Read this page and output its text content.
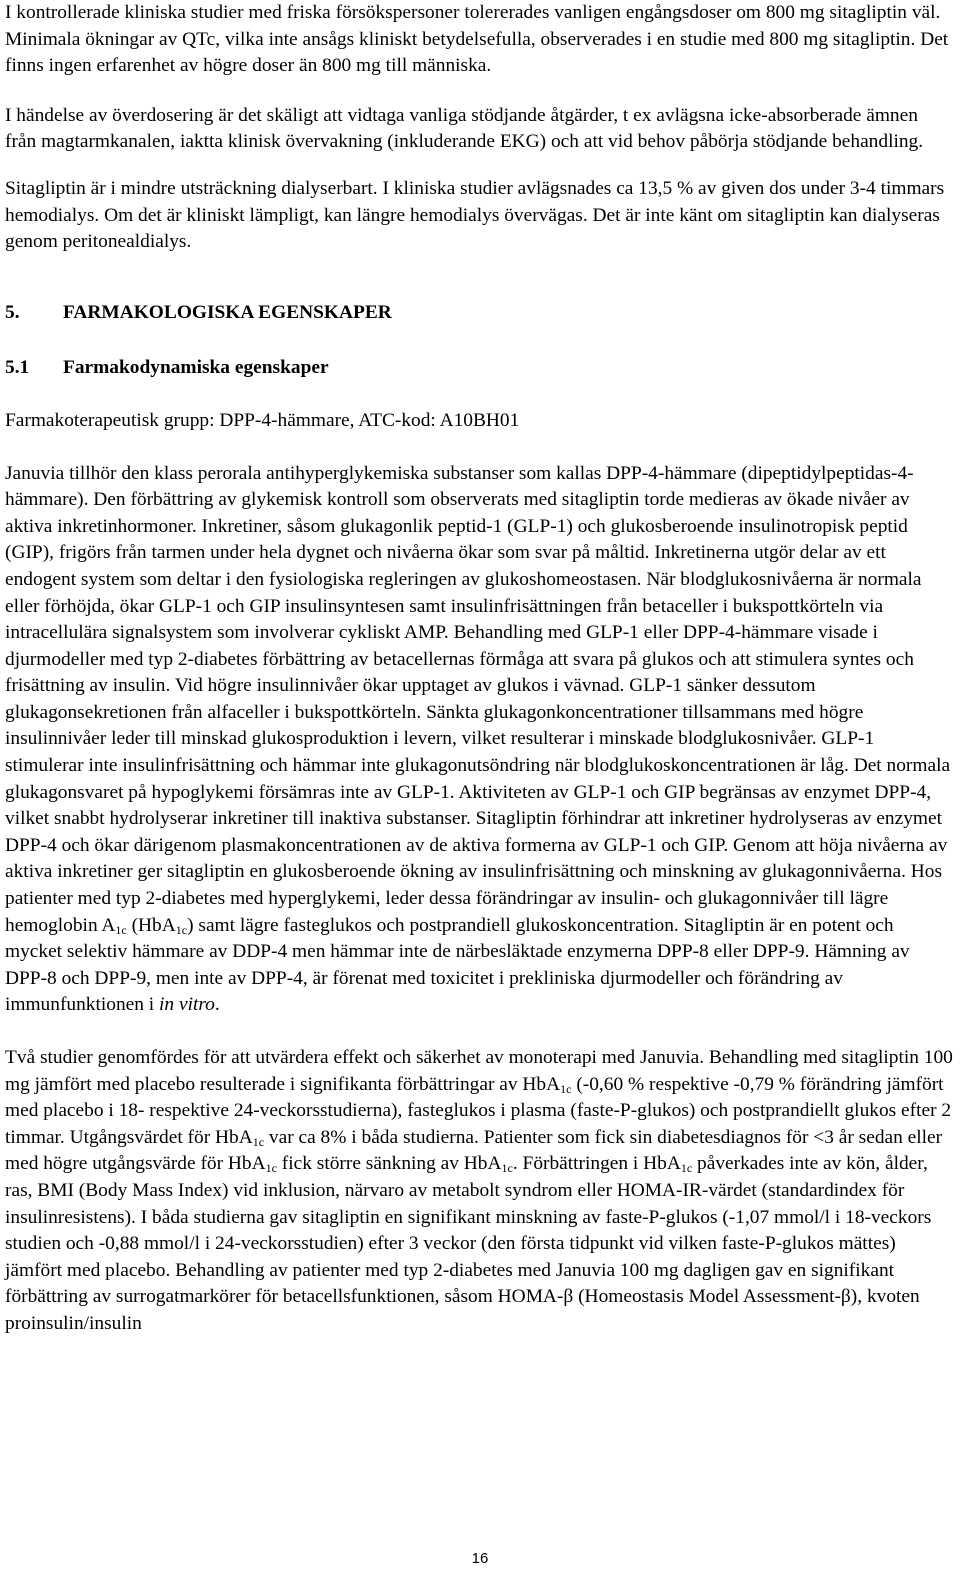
I kontrollerade kliniska studier med friska försökspersoner tolererades vanligen engångsdoser om 800 mg sitagliptin väl. Minimala ökningar av QTc, vilka inte ansågs kliniskt betydelsefulla, observerades i en studie med 800 mg sitagliptin. Det finns ingen erfarenhet av högre doser än 800 mg till människa.

I händelse av överdosering är det skäligt att vidtaga vanliga stödjande åtgärder, t ex avlägsna icke-absorberade ämnen från magtarmkanalen, iaktta klinisk övervakning (inkluderande EKG) och att vid behov påbörja stödjande behandling.

Sitagliptin är i mindre utsträckning dialyserbart. I kliniska studier avlägsnades ca 13,5 % av given dos under 3-4 timmars hemodialys. Om det är kliniskt lämpligt, kan längre hemodialys övervägas. Det är inte känt om sitagliptin kan dialyseras genom peritonealdialys.

5. FARMAKOLOGISKA EGENSKAPER
5.1 Farmakodynamiska egenskaper

Farmakoterapeutisk grupp: DPP-4-hämmare, ATC-kod: A10BH01

Januvia tillhör den klass perorala antihyperglykemiska substanser som kallas DPP-4-hämmare (dipeptidylpeptidas-4-hämmare). Den förbättring av glykemisk kontroll som observerats med sitagliptin torde medieras av ökade nivåer av aktiva inkretinhormoner. Inkretiner, såsom glukagonlik peptid-1 (GLP-1) och glukosberoende insulinotropisk peptid (GIP), frigörs från tarmen under hela dygnet och nivåerna ökar som svar på måltid. Inkretinerna utgör delar av ett endogent system som deltar i den fysiologiska regleringen av glukoshomeostasen. När blodglukosnivåerna är normala eller förhöjda, ökar GLP-1 och GIP insulinsyntesen samt insulinfrisättningen från betaceller i bukspottkörteln via intracellulära signalsystem som involverar cykliskt AMP. Behandling med GLP-1 eller DPP-4-hämmare visade i djurmodeller med typ 2-diabetes förbättring av betacellernas förmåga att svara på glukos och att stimulera syntes och frisättning av insulin. Vid högre insulinnivåer ökar upptaget av glukos i vävnad. GLP-1 sänker dessutom glukagonsekretionen från alfaceller i bukspottkörteln. Sänkta glukagonkoncentrationer tillsammans med högre insulinnivåer leder till minskad glukosproduktion i levern, vilket resulterar i minskade blodglukosnivåer. GLP-1 stimulerar inte insulinfrisättning och hämmar inte glukagonutsöndring när blodglukoskoncentrationen är låg. Det normala glukagonsvaret på hypoglykemi försämras inte av GLP-1. Aktiviteten av GLP-1 och GIP begränsas av enzymet DPP-4, vilket snabbt hydrolyserar inkretiner till inaktiva substanser. Sitagliptin förhindrar att inkretiner hydrolyseras av enzymet DPP-4 och ökar därigenom plasmakoncentrationen av de aktiva formerna av GLP-1 och GIP. Genom att höja nivåerna av aktiva inkretiner ger sitagliptin en glukosberoende ökning av insulinfrisättning och minskning av glukagonnivåerna. Hos patienter med typ 2-diabetes med hyperglykemi, leder dessa förändringar av insulin- och glukagonnivåer till lägre hemoglobin $A_{1c}$ (HbA$_{1c}$) samt lägre fasteglukos och postprandiell glukoskoncentration. Sitagliptin är en potent och mycket selektiv hämmare av DDP-4 men hämmar inte de närbesläktade enzymerna DPP-8 eller DPP-9. Hämning av DPP-8 och DPP-9, men inte av DPP-4, är förenat med toxicitet i prekliniska djurmodeller och förändring av immunfunktionen i in vitro.

Två studier genomfördes för att utvärdera effekt och säkerhet av monoterapi med Januvia. Behandling med sitagliptin 100 mg jämfört med placebo resulterade i signifikanta förbättringar av HbA$_{1c}$ (-0,60 % respektive -0,79 % förändring jämfört med placebo i 18- respektive 24-veckorsstudierna), fasteglukos i plasma (faste-P-glukos) och postprandiellt glukos efter 2 timmar. Utgångsvärdet för HbA$_{1c}$ var ca 8% i båda studierna. Patienter som fick sin diabetesdiagnos för <3 år sedan eller med högre utgångsvärde för HbA$_{1c}$ fick större sänkning av HbA$_{1c}$. Förbättringen i HbA$_{1c}$ påverkades inte av kön, ålder, ras, BMI (Body Mass Index) vid inklusion, närvaro av metabolt syndrom eller HOMA-IR-värdet (standardindex för insulinresistens). I båda studierna gav sitagliptin en signifikant minskning av faste-P-glukos (-1,07 mmol/l i 18-veckors studien och -0,88 mmol/l i 24-veckorsstudien) efter 3 veckor (den första tidpunkt vid vilken faste-P-glukos mättes) jämfört med placebo. Behandling av patienter med typ 2-diabetes med Januvia 100 mg dagligen gav en signifikant förbättring av surrogatmarkörer för betacellsfunktionen, såsom HOMA-β (Homeostasis Model Assessment-β), kvoten proinsulin/insulin

16
